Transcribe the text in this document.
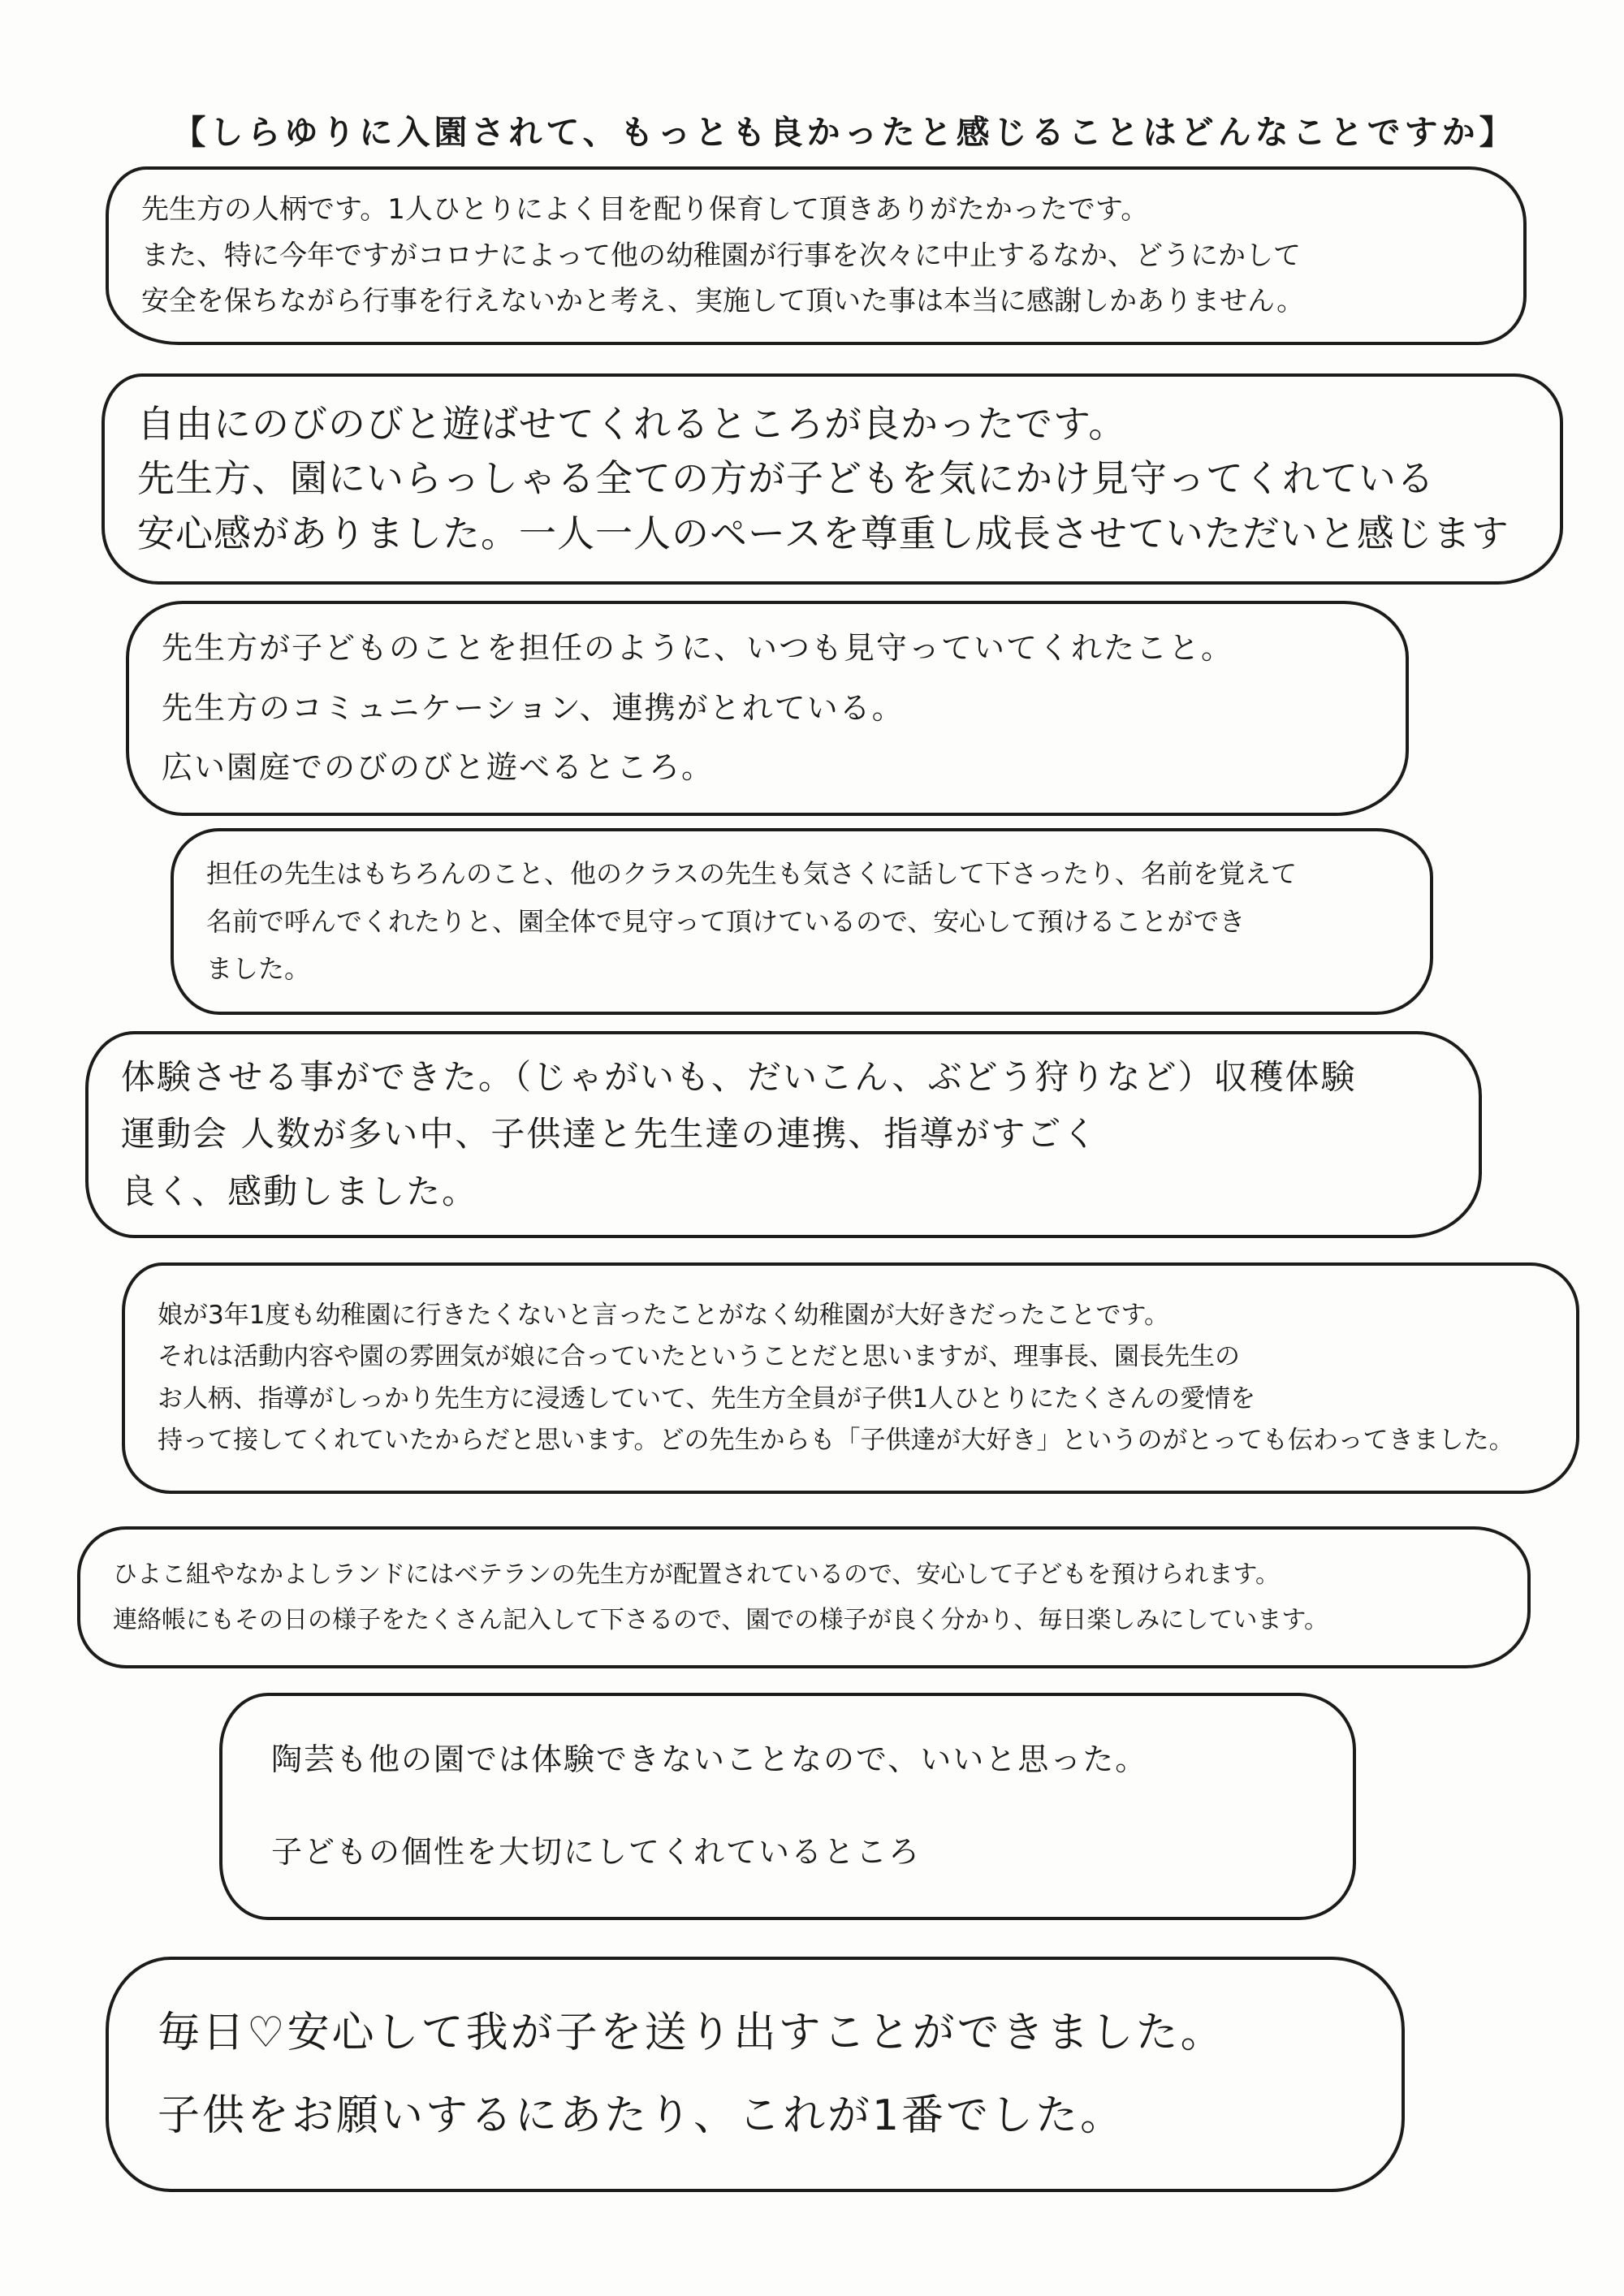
【しらゆりに入園されて、もっとも良かったと感じることはどんなことですか】
先生方の人柄です。1人ひとりによく目を配り保育して頂きありがたかったです。
また、特に今年ですがコロナによって他の幼稚園が行事を次々に中止するなか、どうにかして
安全を保ちながら行事を行えないかと考え、実施して頂いた事は本当に感謝しかありません。
自由にのびのびと遊ばせてくれるところが良かったです。
先生方、園にいらっしゃる全ての方が子どもを気にかけ見守ってくれている
安心感がありました。一人一人のペースを尊重し成長させていただいと感じます
先生方が子どものことを担任のように、いつも見守っていてくれたこと。
先生方のコミュニケーション、連携がとれている。
広い園庭でのびのびと遊べるところ。
担任の先生はもちろんのこと、他のクラスの先生も気さくに話して下さったり、名前を覚えて
名前で呼んでくれたりと、園全体で見守って頂けているので、安心して預けることができ
ました。
体験させる事ができた。（じゃがいも、だいこん、ぶどう狩りなど）収穫体験
運動会 人数が多い中、子供達と先生達の連携、指導がすごく
良く、感動しました。
娘が3年1度も幼稚園に行きたくないと言ったことがなく幼稚園が大好きだったことです。
それは活動内容や園の雰囲気が娘に合っていたということだと思いますが、理事長、園長先生の
お人柄、指導がしっかり先生方に浸透していて、先生方全員が子供1人ひとりにたくさんの愛情を
持って接してくれていたからだと思います。どの先生からも「子供達が大好き」というのがとっても伝わってきました。
ひよこ組やなかよしランドにはベテランの先生方が配置されているので、安心して子どもを預けられます。
連絡帳にもその日の様子をたくさん記入して下さるので、園での様子が良く分かり、毎日楽しみにしています。
陶芸も他の園では体験できないことなので、いいと思った。
子どもの個性を大切にしてくれているところ
毎日♡安心して我が子を送り出すことができました。
子供をお願いするにあたり、これが1番でした。
